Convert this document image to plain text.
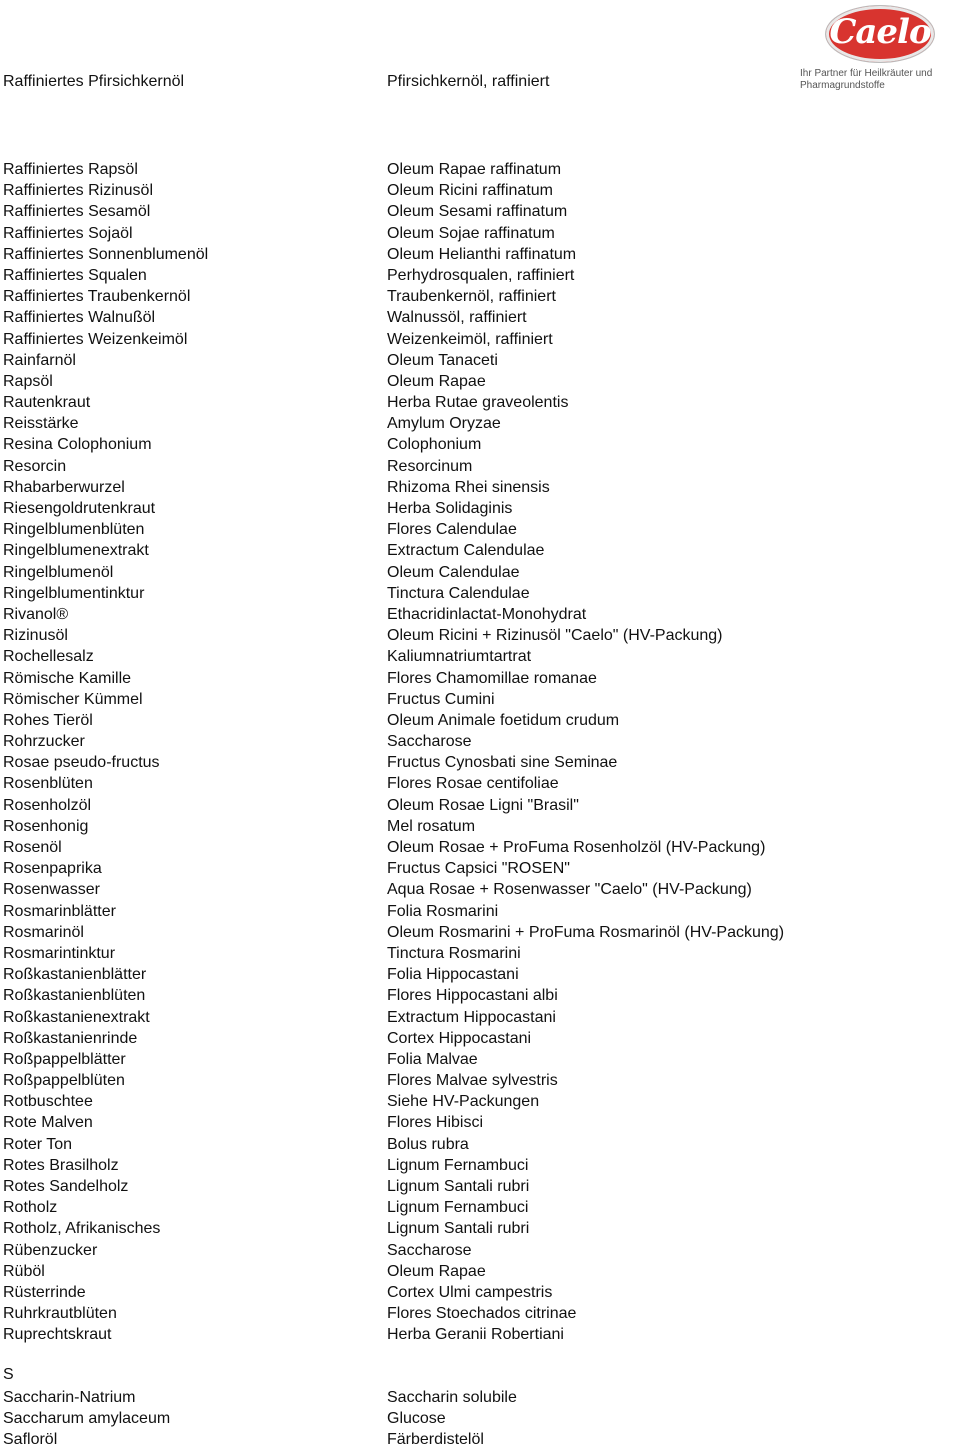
Caelo
Ihr Partner für Heilkräuter und
Pharmagrundstoffe
Raffiniertes Pfirsichkernöl	Pfirsichkernöl, raffiniert
Raffiniertes Rapsöl	Oleum Rapae raffinatum
Raffiniertes Rizinusöl	Oleum Ricini raffinatum
Raffiniertes Sesamöl	Oleum Sesami raffinatum
Raffiniertes Sojaöl	Oleum Sojae raffinatum
Raffiniertes Sonnenblumenöl	Oleum Helianthi raffinatum
Raffiniertes Squalen	Perhydrosqualen, raffiniert
Raffiniertes Traubenkernöl	Traubenkernöl, raffiniert
Raffiniertes Walnußöl	Walnussöl, raffiniert
Raffiniertes Weizenkeimöl	Weizenkeimöl, raffiniert
Rainfarnöl	Oleum Tanaceti
Rapsöl	Oleum Rapae
Rautenkraut	Herba Rutae graveolentis
Reisstärke	Amylum Oryzae
Resina Colophonium	Colophonium
Resorcin	Resorcinum
Rhabarberwurzel	Rhizoma Rhei sinensis
Riesengoldrutenkraut	Herba Solidaginis
Ringelblumenblüten	Flores Calendulae
Ringelblumenextrakt	Extractum Calendulae
Ringelblumenöl	Oleum Calendulae
Ringelblumentinktur	Tinctura Calendulae
Rivanol®	Ethacridinlactat-Monohydrat
Rizinusöl	Oleum Ricini + Rizinusöl "Caelo" (HV-Packung)
Rochellesalz	Kaliumnatriumtartrat
Römische Kamille	Flores Chamomillae romanae
Römischer Kümmel	Fructus Cumini
Rohes Tieröl	Oleum Animale foetidum crudum
Rohrzucker	Saccharose
Rosae pseudo-fructus	Fructus Cynosbati sine Seminae
Rosenblüten	Flores Rosae centifoliae
Rosenholzöl	Oleum Rosae Ligni "Brasil"
Rosenhonig	Mel rosatum
Rosenöl	Oleum Rosae + ProFuma Rosenholzöl (HV-Packung)
Rosenpaprika	Fructus Capsici "ROSEN"
Rosenwasser	Aqua Rosae + Rosenwasser "Caelo" (HV-Packung)
Rosmarinblätter	Folia Rosmarini
Rosmarinöl	Oleum Rosmarini + ProFuma Rosmarinöl (HV-Packung)
Rosmarintinktur	Tinctura Rosmarini
Roßkastanienblätter	Folia Hippocastani
Roßkastanienblüten	Flores Hippocastani albi
Roßkastanienextrakt	Extractum Hippocastani
Roßkastanienrinde	Cortex Hippocastani
Roßpappelblätter	Folia Malvae
Roßpappelblüten	Flores Malvae sylvestris
Rotbuschtee	Siehe HV-Packungen
Rote Malven	Flores Hibisci
Roter Ton	Bolus rubra
Rotes Brasilholz	Lignum Fernambuci
Rotes Sandelholz	Lignum Santali rubri
Rotholz	Lignum Fernambuci
Rotholz, Afrikanisches	Lignum Santali rubri
Rübenzucker	Saccharose
Rüböl	Oleum Rapae
Rüsterrinde	Cortex Ulmi campestris
Ruhrkrautblüten	Flores Stoechados citrinae
Ruprechtskraut	Herba Geranii Robertiani
S
Saccharin-Natrium	Saccharin solubile
Saccharum amylaceum	Glucose
Safloröl	Färberdistelöl
